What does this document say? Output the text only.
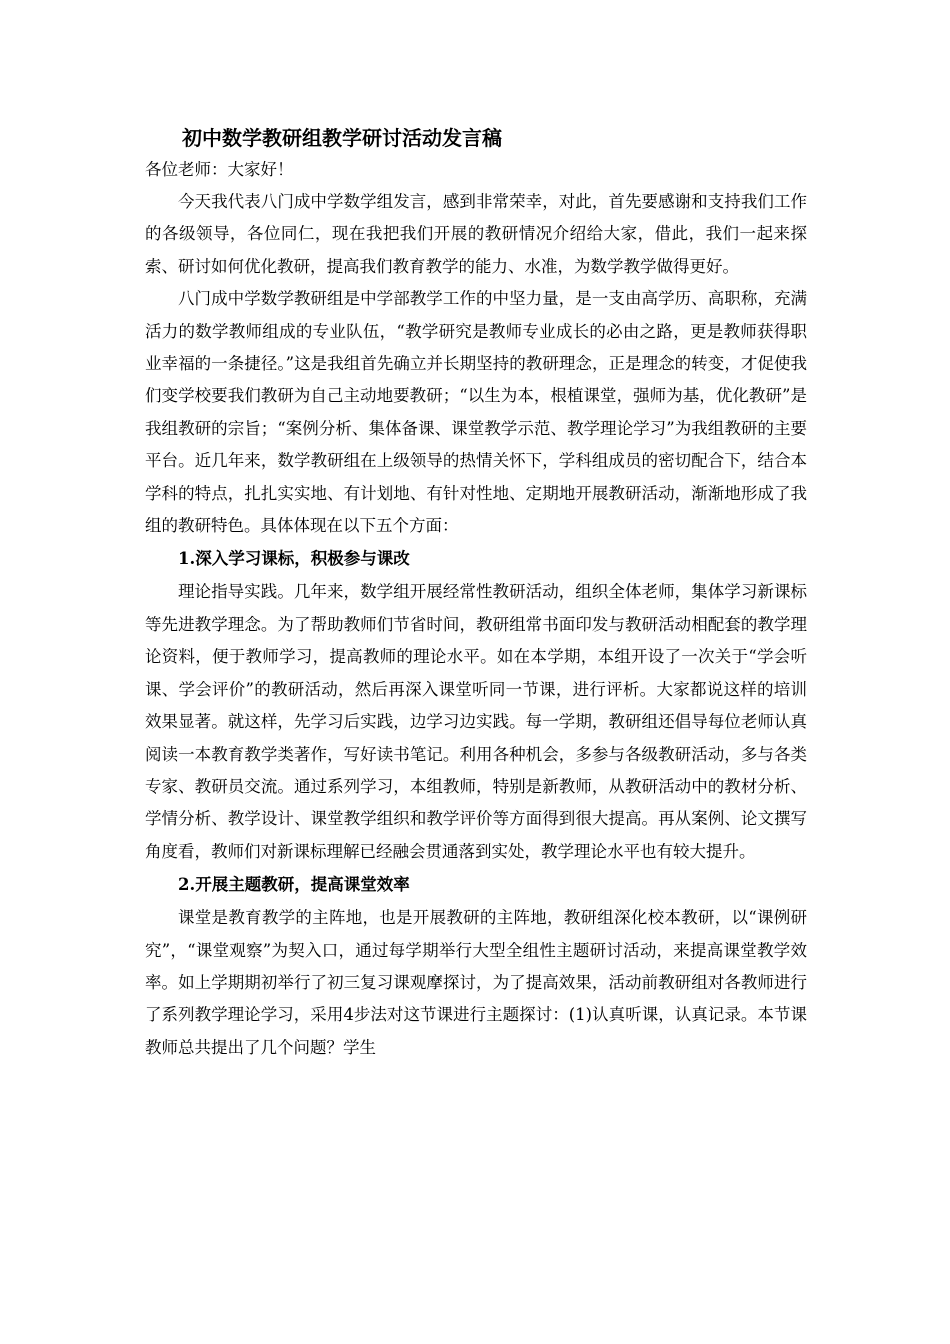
初中数学教研组教学研讨活动发言稿

各位老师：大家好！

今天我代表八门成中学数学组发言，感到非常荣幸，对此，首先要感谢和支持我们工作的各级领导，各位同仁，现在我把我们开展的教研情况介绍给大家，借此，我们一起来探索、研讨如何优化教研，提高我们教育教学的能力、水准，为数学教学做得更好。

八门成中学数学教研组是中学部教学工作的中坚力量，是一支由高学历、高职称，充满活力的数学教师组成的专业队伍，“教学研究是教师专业成长的必由之路，更是教师获得职业幸福的一条捷径。”这是我组首先确立并长期坚持的教研理念，正是理念的转变，才促使我们变学校要我们教研为自己主动地要教研；“以生为本，根植课堂，强师为基，优化教研”是我组教研的宗旨；“案例分析、集体备课、课堂教学示范、教学理论学习”为我组教研的主要平台。近几年来，数学教研组在上级领导的热情关怀下，学科组成员的密切配合下，结合本学科的特点，扎扎实实地、有计划地、有针对性地、定期地开展教研活动，渐渐地形成了我组的教研特色。具体体现在以下五个方面：

1.深入学习课标，积极参与课改

理论指导实践。几年来，数学组开展经常性教研活动，组织全体老师，集体学习新课标等先进教学理念。为了帮助教师们节省时间，教研组常书面印发与教研活动相配套的教学理论资料，便于教师学习，提高教师的理论水平。如在本学期，本组开设了一次关于“学会听课、学会评价”的教研活动，然后再深入课堂听同一节课，进行评析。大家都说这样的培训效果显著。就这样，先学习后实践，边学习边实践。每一学期，教研组还倡导每位老师认真阅读一本教育教学类著作，写好读书笔记。利用各种机会，多参与各级教研活动，多与各类专家、教研员交流。通过系列学习，本组教师，特别是新教师，从教研活动中的教材分析、学情分析、教学设计、课堂教学组织和教学评价等方面得到很大提高。再从案例、论文撰写角度看，教师们对新课标理解已经融会贯通落到实处，教学理论水平也有较大提升。

2.开展主题教研，提高课堂效率

课堂是教育教学的主阵地，也是开展教研的主阵地，教研组深化校本教研，以“课例研究”，“课堂观察”为契入口，通过每学期举行大型全组性主题研讨活动，来提高课堂教学效率。如上学期期初举行了初三复习课观摩探讨，为了提高效果，活动前教研组对各教师进行了系列教学理论学习，采用4步法对这节课进行主题探讨：(1)认真听课，认真记录。本节课教师总共提出了几个问题？学生
